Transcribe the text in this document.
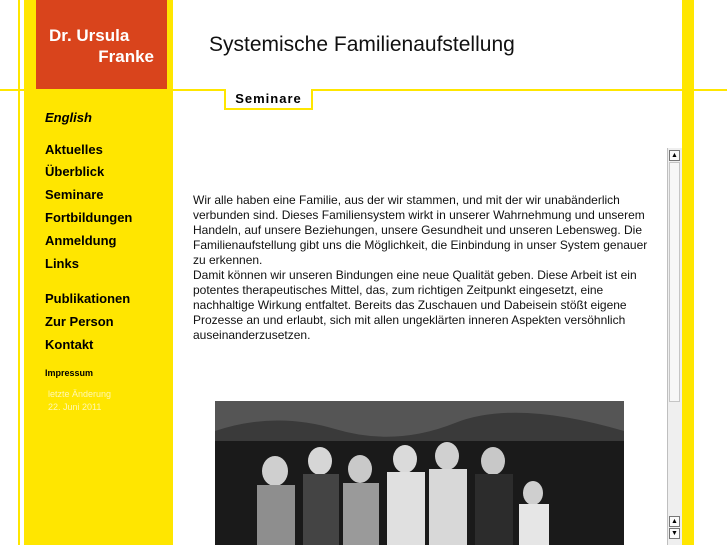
Dr. Ursula
Franke
Systemische Familienaufstellung
Seminare
English
Aktuelles
Überblick
Seminare
Fortbildungen
Anmeldung
Links
Publikationen
Zur Person
Kontakt
Impressum
letzte Änderung
22. Juni 2011
Wir alle haben eine Familie, aus der wir stammen, und mit der wir unabänderlich verbunden sind. Dieses Familiensystem wirkt in unserer Wahrnehmung und unserem Handeln, auf unsere Beziehungen, unsere Gesundheit und unseren Lebensweg. Die Familienaufstellung gibt uns die Möglichkeit, die Einbindung in unser System genauer zu erkennen.
Damit können wir unseren Bindungen eine neue Qualität geben. Diese Arbeit ist ein potentes therapeutisches Mittel, das, zum richtigen Zeitpunkt eingesetzt, eine nachhaltige Wirkung entfaltet. Bereits das Zuschauen und Dabeisein stößt eigene Prozesse an und erlaubt, sich mit allen ungeklärten inneren Aspekten versöhnlich auseinanderzusetzen.
▲
▲
▼
